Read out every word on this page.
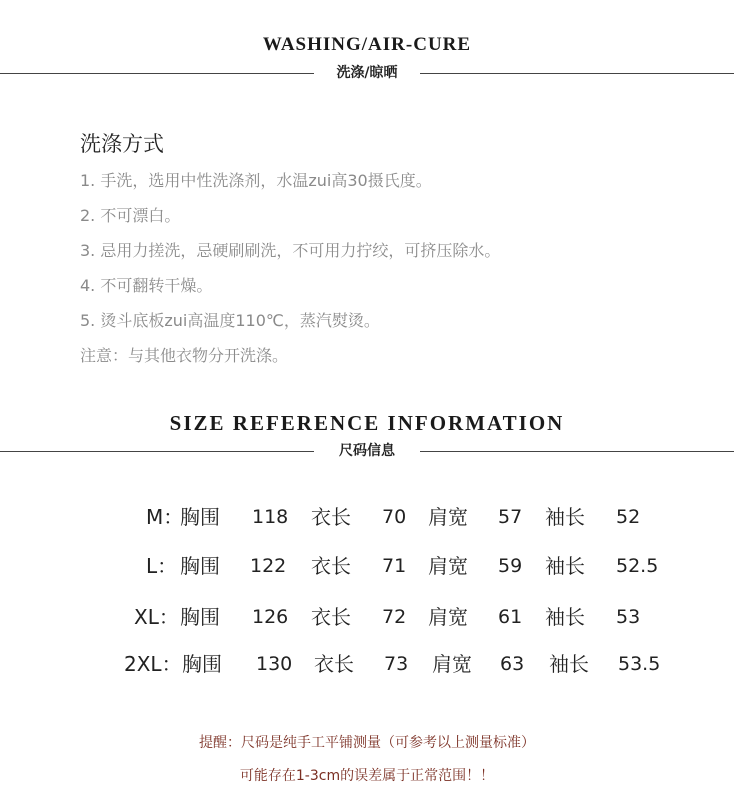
WASHING/AIR-CURE
洗涤/晾晒
洗涤方式
1. 手洗，选用中性洗涤剂，水温zui高30摄氏度。
2. 不可漂白。
3. 忌用力搓洗，忌硬刷刷洗，不可用力拧绞，可挤压除水。
4. 不可翻转干燥。
5. 烫斗底板zui高温度110℃，蒸汽熨烫。
注意：与其他衣物分开洗涤。
SIZE REFERENCE INFORMATION
尺码信息
M：
胸围 118 衣长 70 肩宽 57 袖长 52
L： 胸围 122 衣长 71 肩宽 59 袖长 52.5
XL： 胸围 126 衣长 72 肩宽 61 袖长 53
2XL： 胸围 130 衣长 73 肩宽 63 袖长 53.5
提醒：尺码是纯手工平铺测量（可参考以上测量标准）
可能存在1-3cm的误差属于正常范围！！
